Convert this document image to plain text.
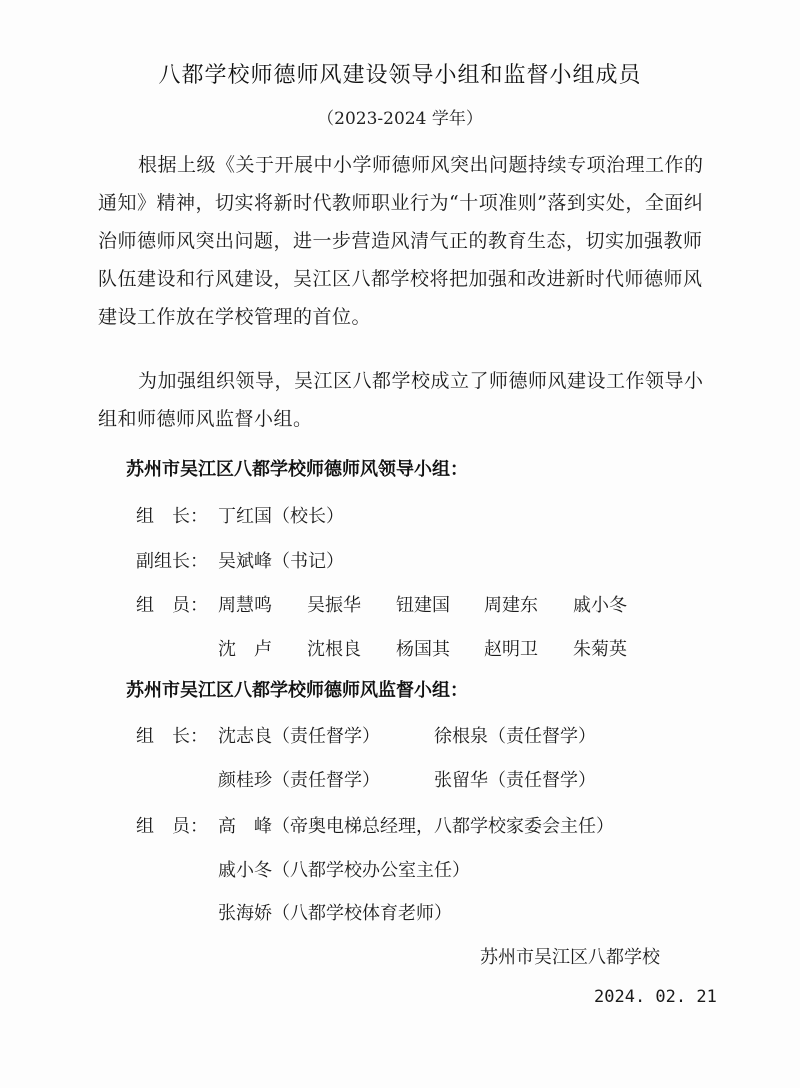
八都学校师德师风建设领导小组和监督小组成员
（2023-2024 学年）
根据上级《关于开展中小学师德师风突出问题持续专项治理工作的通知》精神，切实将新时代教师职业行为“十项准则”落到实处，全面纠治师德师风突出问题，进一步营造风清气正的教育生态，切实加强教师队伍建设和行风建设，吴江区八都学校将把加强和改进新时代师德师风建设工作放在学校管理的首位。
为加强组织领导，吴江区八都学校成立了师德师风建设工作领导小组和师德师风监督小组。
苏州市吴江区八都学校师德师风领导小组：
组　长： 丁红国（校长）
副组长： 吴斌峰（书记）
组　员： 周慧鸣 吴振华 钮建国 周建东 戚小冬
沈　卢 沈根良 杨国其 赵明卫 朱菊英
苏州市吴江区八都学校师德师风监督小组：
组　长： 沈志良（责任督学）	徐根泉（责任督学）
颜桂珍（责任督学）	张留华（责任督学）
组　员： 高　峰（帝奥电梯总经理，八都学校家委会主任）
戚小冬（八都学校办公室主任）
张海娇（八都学校体育老师）
苏州市吴江区八都学校
2024. 02. 21
